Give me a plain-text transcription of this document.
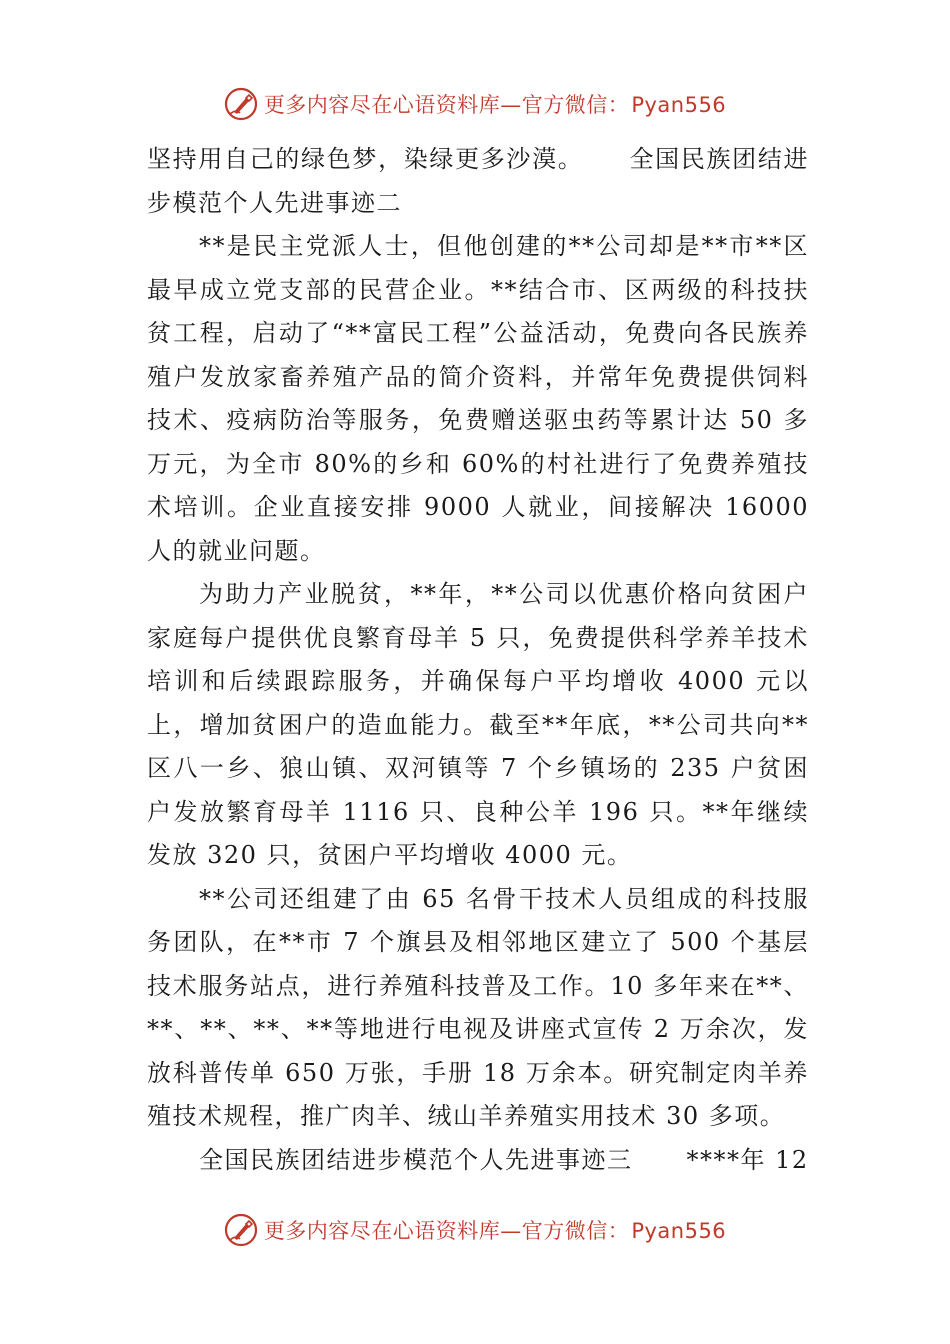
更多内容尽在心语资料库—官方微信：Pyan556

坚持用自己的绿色梦，染绿更多沙漠。 全国民族团结进步模范个人先进事迹二

**是民主党派人士，但他创建的**公司却是**市**区最早成立党支部的民营企业。**结合市、区两级的科技扶贫工程，启动了“**富民工程”公益活动，免费向各民族养殖户发放家畜养殖产品的简介资料，并常年免费提供饲料技术、疫病防治等服务，免费赠送驱虫药等累计达 50 多万元，为全市 80%的乡和 60%的村社进行了免费养殖技术培训。企业直接安排 9000 人就业，间接解决 16000 人的就业问题。

为助力产业脱贫，**年，**公司以优惠价格向贫困户家庭每户提供优良繁育母羊 5 只，免费提供科学养羊技术培训和后续跟踪服务，并确保每户平均增收 4000 元以上，增加贫困户的造血能力。截至**年底，**公司共向**区八一乡、狼山镇、双河镇等 7 个乡镇场的 235 户贫困户发放繁育母羊 1116 只、良种公羊 196 只。**年继续发放 320 只，贫困户平均增收 4000 元。

**公司还组建了由 65 名骨干技术人员组成的科技服务团队，在**市 7 个旗县及相邻地区建立了 500 个基层技术服务站点，进行养殖科技普及工作。10 多年来在**、**、**、**、**等地进行电视及讲座式宣传 2 万余次，发放科普传单 650 万张，手册 18 万余本。研究制定肉羊养殖技术规程，推广肉羊、绒山羊养殖实用技术 30 多项。

全国民族团结进步模范个人先进事迹三 ****年 12

更多内容尽在心语资料库—官方微信：Pyan556
